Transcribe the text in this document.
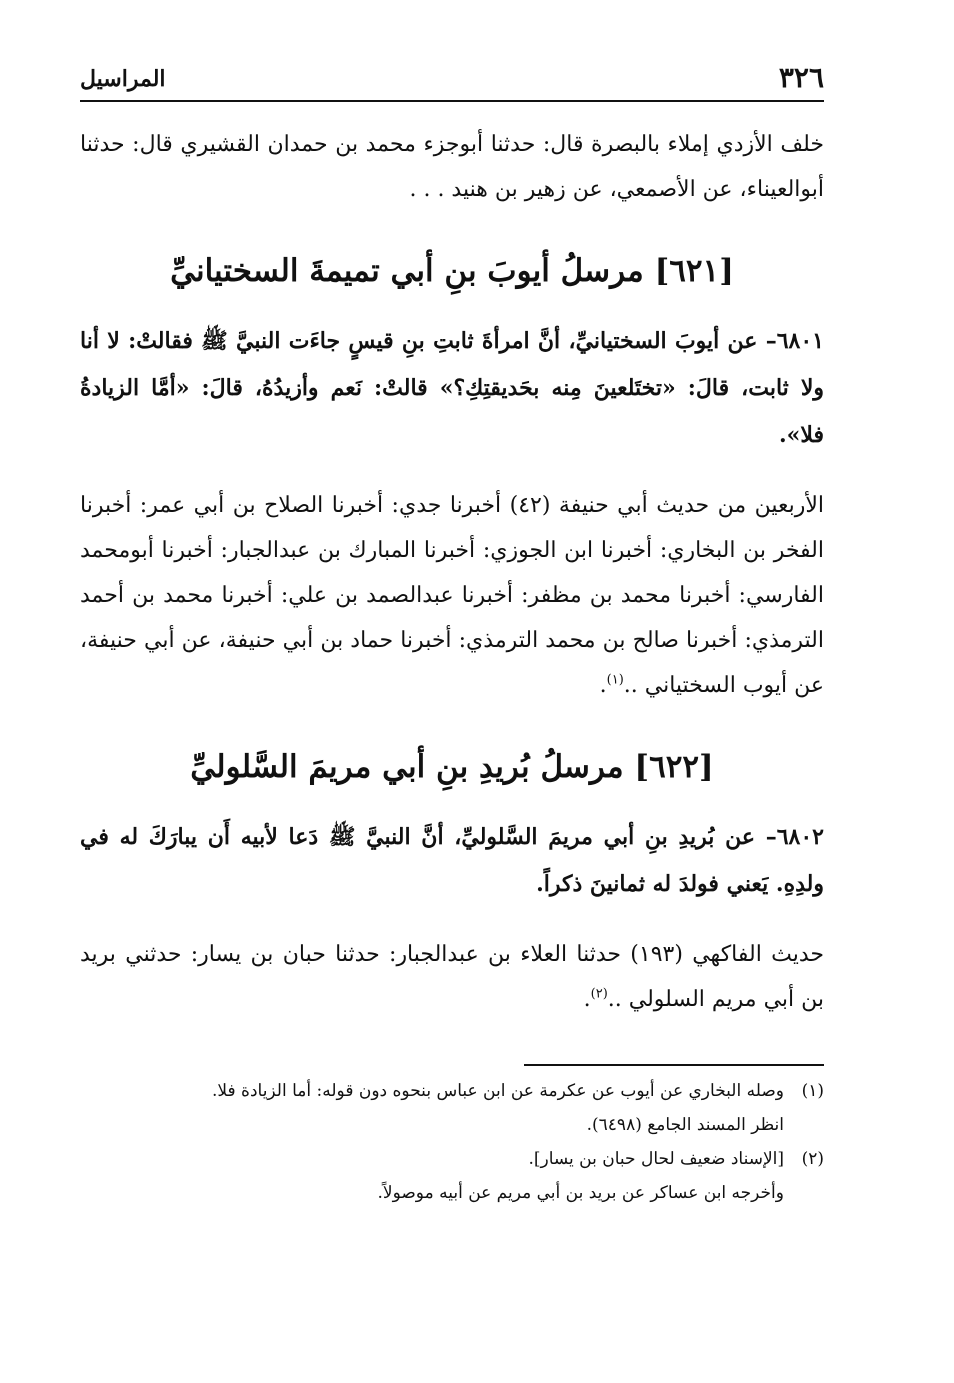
٣٢٦
المراسيل

خلف الأزدي إملاء بالبصرة قال: حدثنا أبوجزء محمد بن حمدان القشيري قال: حدثنا أبوالعيناء، عن الأصمعي، عن زهير بن هنيد . . .

[٦٢١] مرسلُ أيوبَ بنِ أبي تميمةَ السختيانيِّ

٦٨٠١– عن أيوبَ السختيانيِّ، أنَّ امرأةَ ثابتِ بنِ قيسٍ جاءَت النبيَّ ﷺ فقالتْ: لا أنا ولا ثابت، قالَ: «تختَلعينَ مِنه بحَديقتِكِ؟» قالتْ: نَعم وأزيدُهُ، قالَ: «أمَّا الزيادةُ فلا».

الأربعين من حديث أبي حنيفة (٤٢) أخبرنا جدي: أخبرنا الصلاح بن أبي عمر: أخبرنا الفخر بن البخاري: أخبرنا ابن الجوزي: أخبرنا المبارك بن عبدالجبار: أخبرنا أبومحمد الفارسي: أخبرنا محمد بن مظفر: أخبرنا عبدالصمد بن علي: أخبرنا محمد بن أحمد الترمذي: أخبرنا صالح بن محمد الترمذي: أخبرنا حماد بن أبي حنيفة، عن أبي حنيفة، عن أيوب السختياني ..$^{(١)}$.

[٦٢٢] مرسلُ بُريدِ بنِ أبي مريمَ السَّلوليِّ

٦٨٠٢– عن بُريدِ بنِ أبي مريمَ السَّلوليِّ، أنَّ النبيَّ ﷺ دَعا لأبيه أَن يبارَكَ له في ولدِهِ. يَعني فولدَ له ثمانينَ ذكراً.

حديث الفاكهي (١٩٣) حدثنا العلاء بن عبدالجبار: حدثنا حبان بن يسار: حدثني بريد بن أبي مريم السلولي ..$^{(٢)}$.

(١)وصله البخاري عن أيوب عن عكرمة عن ابن عباس بنحوه دون قوله: أما الزيادة فلا.
انظر المسند الجامع (٦٤٩٨).
(٢)[الإسناد ضعيف لحال حبان بن يسار].
وأخرجه ابن عساكر عن بريد بن أبي مريم عن أبيه موصولاً.
